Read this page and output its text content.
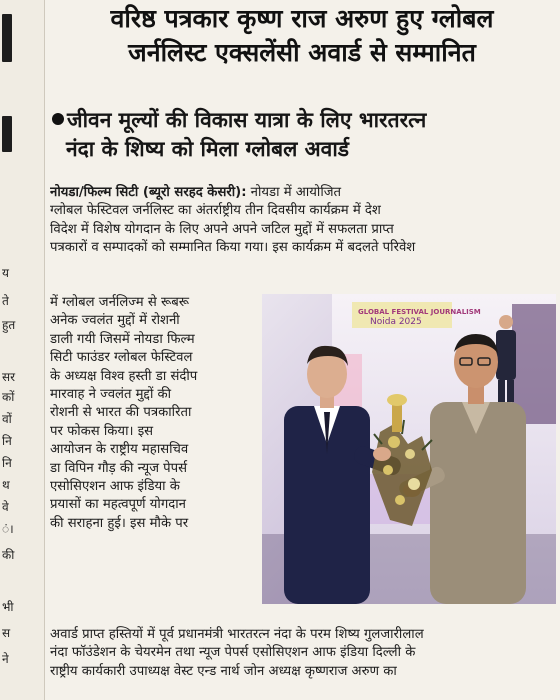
य
ते
हुत
सर
कों
वों
नि
नि
थ
वे
ं।
की
भी
स
ने
वरिष्ठ पत्रकार कृष्ण राज अरुण हुए ग्लोबल
जर्नलिस्ट एक्सलेंसी अवार्ड से सम्मानित
जीवन मूल्यों की विकास यात्रा के लिए भारतरत्न
नंदा के शिष्य को मिला ग्लोबल अवार्ड
नोयडा/फिल्म सिटी (ब्यूरो सरहद केसरी): नोयडा में आयोजित
ग्लोबल फेस्टिवल जर्नलिस्ट का अंतर्राष्ट्रीय तीन दिवसीय कार्यक्रम में देश
विदेश में विशेष योगदान के लिए अपने अपने जटिल मुद्दों में सफलता प्राप्त
पत्रकारों व सम्पादकों को सम्मानित किया गया। इस कार्यक्रम में बदलते परिवेश
में ग्लोबल जर्नलिज्म से रूबरू
अनेक ज्वलंत मुद्दों में रोशनी
डाली गयी जिसमें नोयडा फिल्म
सिटी फाउंडर ग्लोबल फेस्टिवल
के अध्यक्ष विश्व हस्ती डा संदीप
मारवाह ने ज्वलंत मुद्दों की
रोशनी से भारत की पत्रकारिता
पर फोकस किया। इस
आयोजन के राष्ट्रीय महासचिव
डा विपिन गौड़ की न्यूज पेपर्स
एसोसिएशन आफ इंडिया के
प्रयासों का महत्वपूर्ण योगदान
की सराहना हुई। इस मौके पर
GLOBAL FESTIVAL JOURNALISM
Noida 2025
अवार्ड प्राप्त हस्तियों में पूर्व प्रधानमंत्री भारतरत्न नंदा के परम शिष्य गुलजारीलाल
नंदा फॉउंडेशन के चेयरमेन तथा न्यूज पेपर्स एसोसिएशन आफ इंडिया दिल्ली के
राष्ट्रीय कार्यकारी उपाध्यक्ष वेस्ट एन्ड नार्थ जोन अध्यक्ष कृष्णराज अरुण का
